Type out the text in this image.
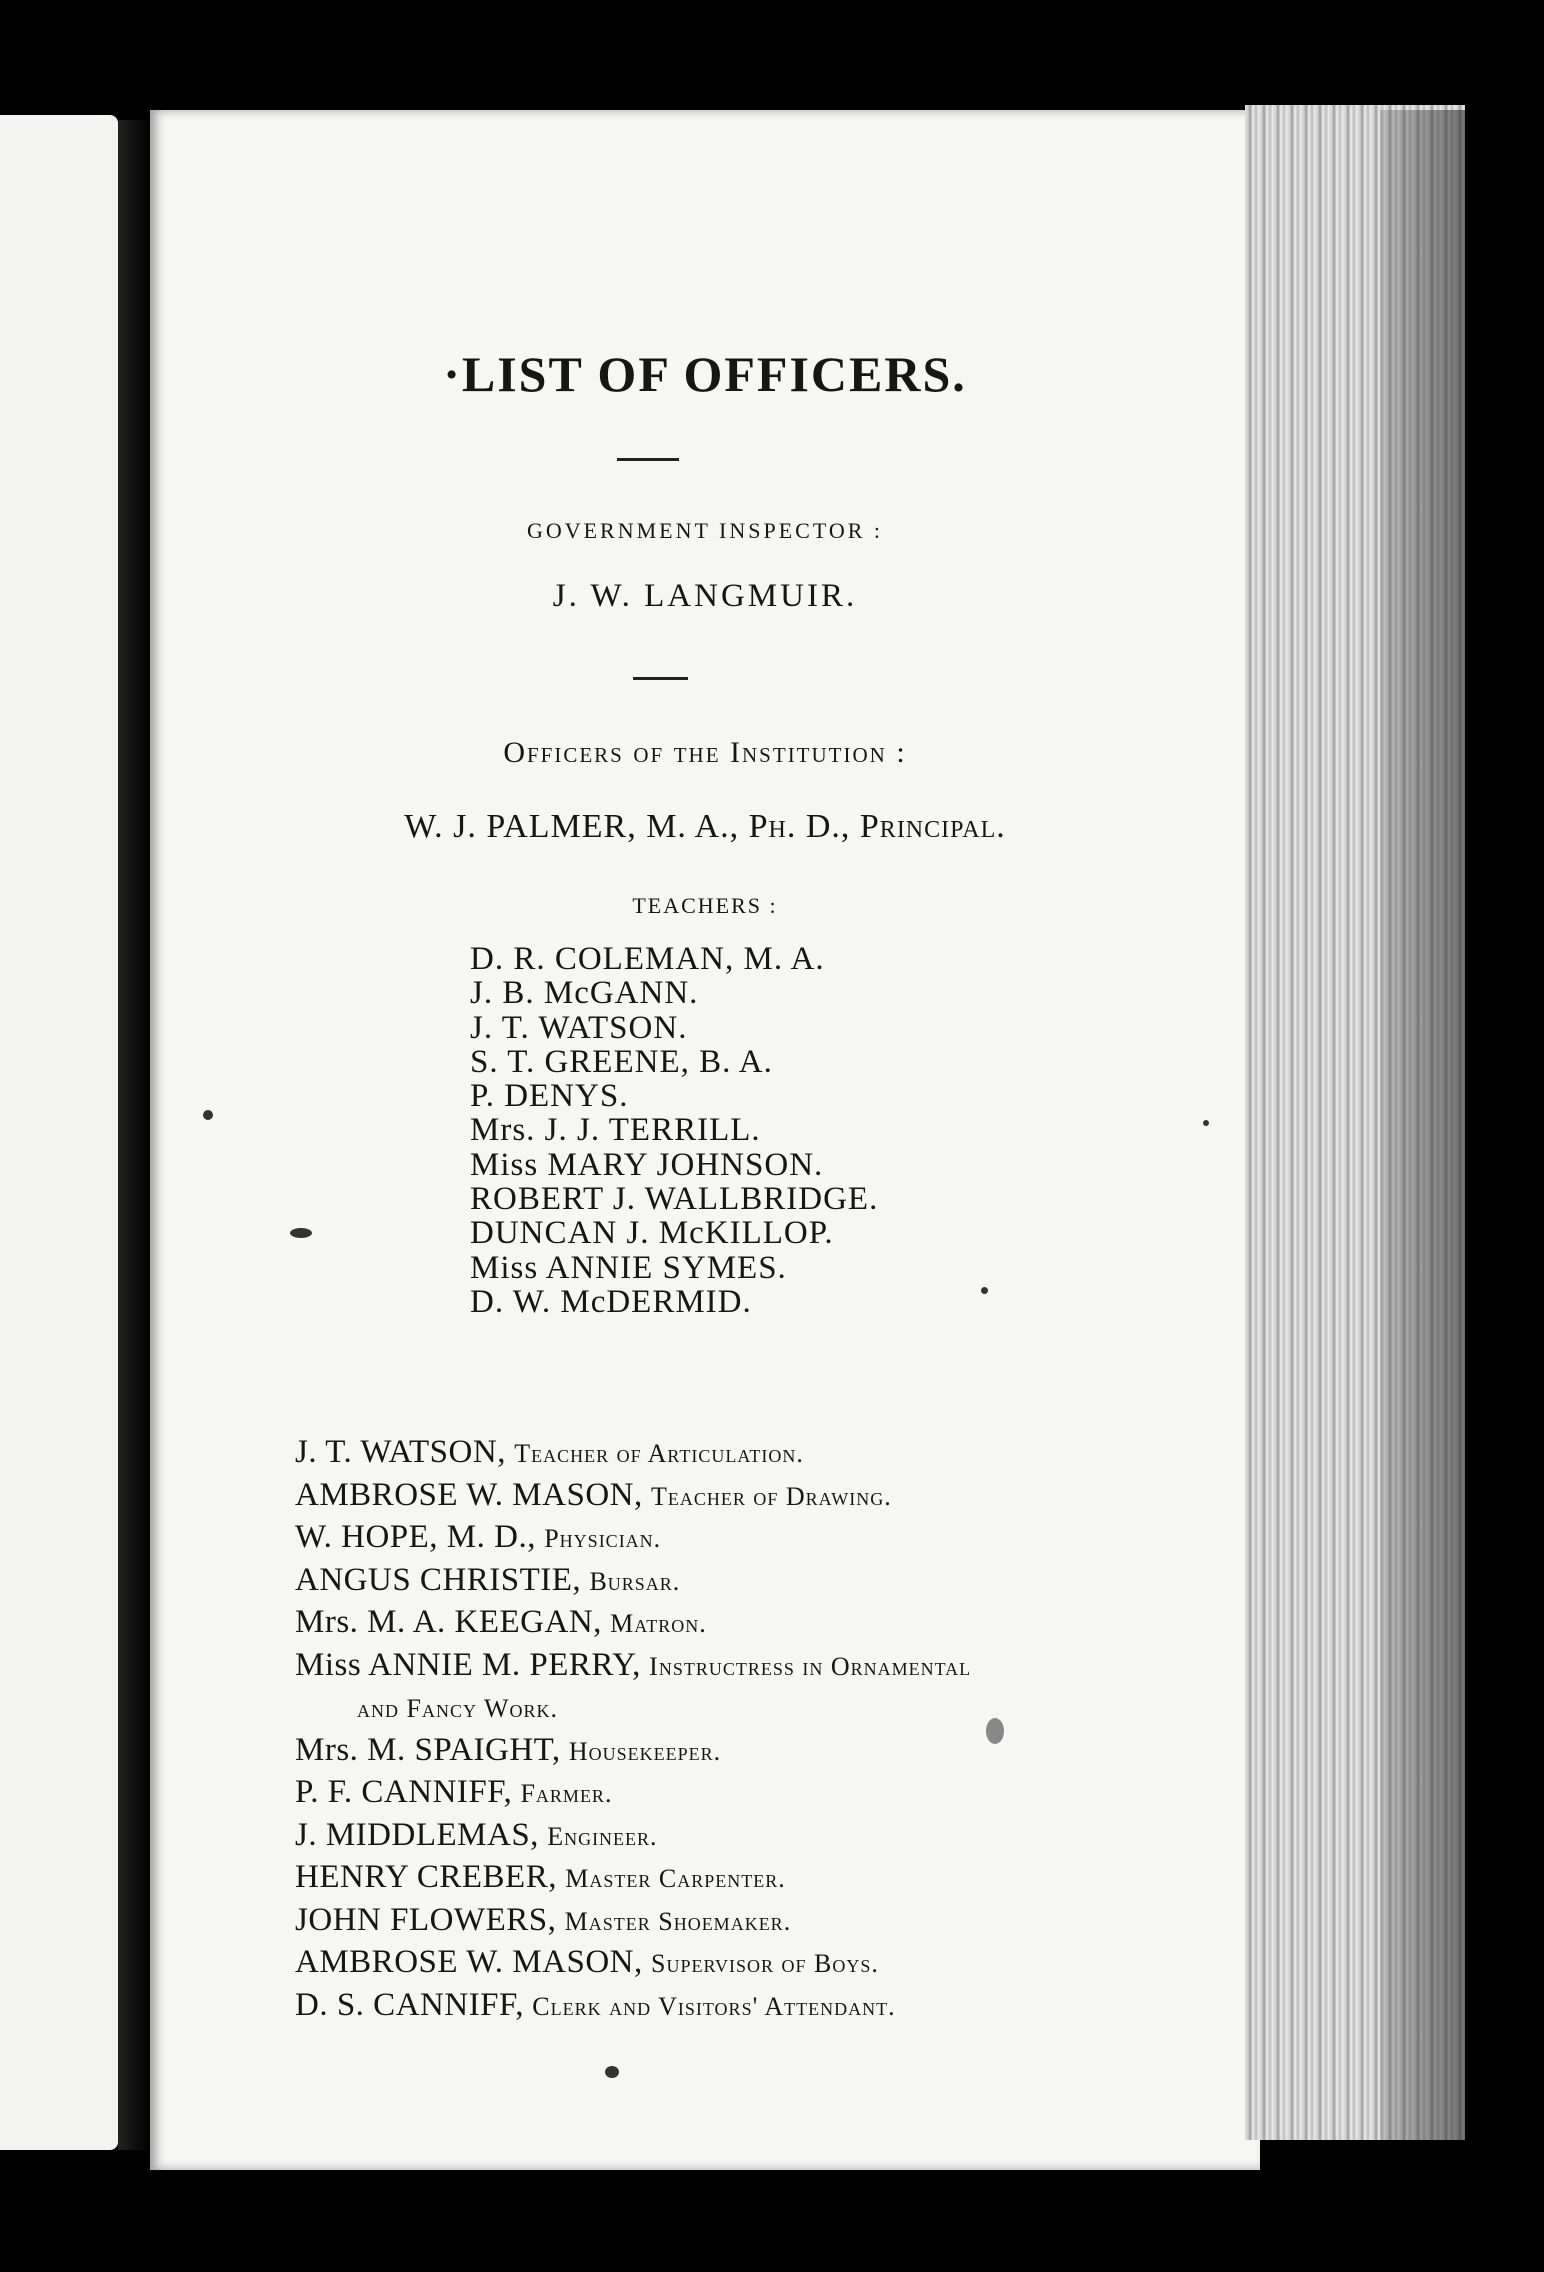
·LIST OF OFFICERS.
GOVERNMENT INSPECTOR :
J. W. LANGMUIR.
Officers of the Institution :
W. J. PALMER, M. A., Ph. D., Principal.
TEACHERS :
D. R. COLEMAN, M. A.
J. B. McGANN.
J. T. WATSON.
S. T. GREENE, B. A.
P. DENYS.
Mrs. J. J. TERRILL.
Miss MARY JOHNSON.
ROBERT J. WALLBRIDGE.
DUNCAN J. McKILLOP.
Miss ANNIE SYMES.
D. W. McDERMID.
J. T. WATSON, Teacher of Articulation.
AMBROSE W. MASON, Teacher of Drawing.
W. HOPE, M. D., Physician.
ANGUS CHRISTIE, Bursar.
Mrs. M. A. KEEGAN, Matron.
Miss ANNIE M. PERRY, Instructress in Ornamental
and Fancy Work.
Mrs. M. SPAIGHT, Housekeeper.
P. F. CANNIFF, Farmer.
J. MIDDLEMAS, Engineer.
HENRY CREBER, Master Carpenter.
JOHN FLOWERS, Master Shoemaker.
AMBROSE W. MASON, Supervisor of Boys.
D. S. CANNIFF, Clerk and Visitors' Attendant.
